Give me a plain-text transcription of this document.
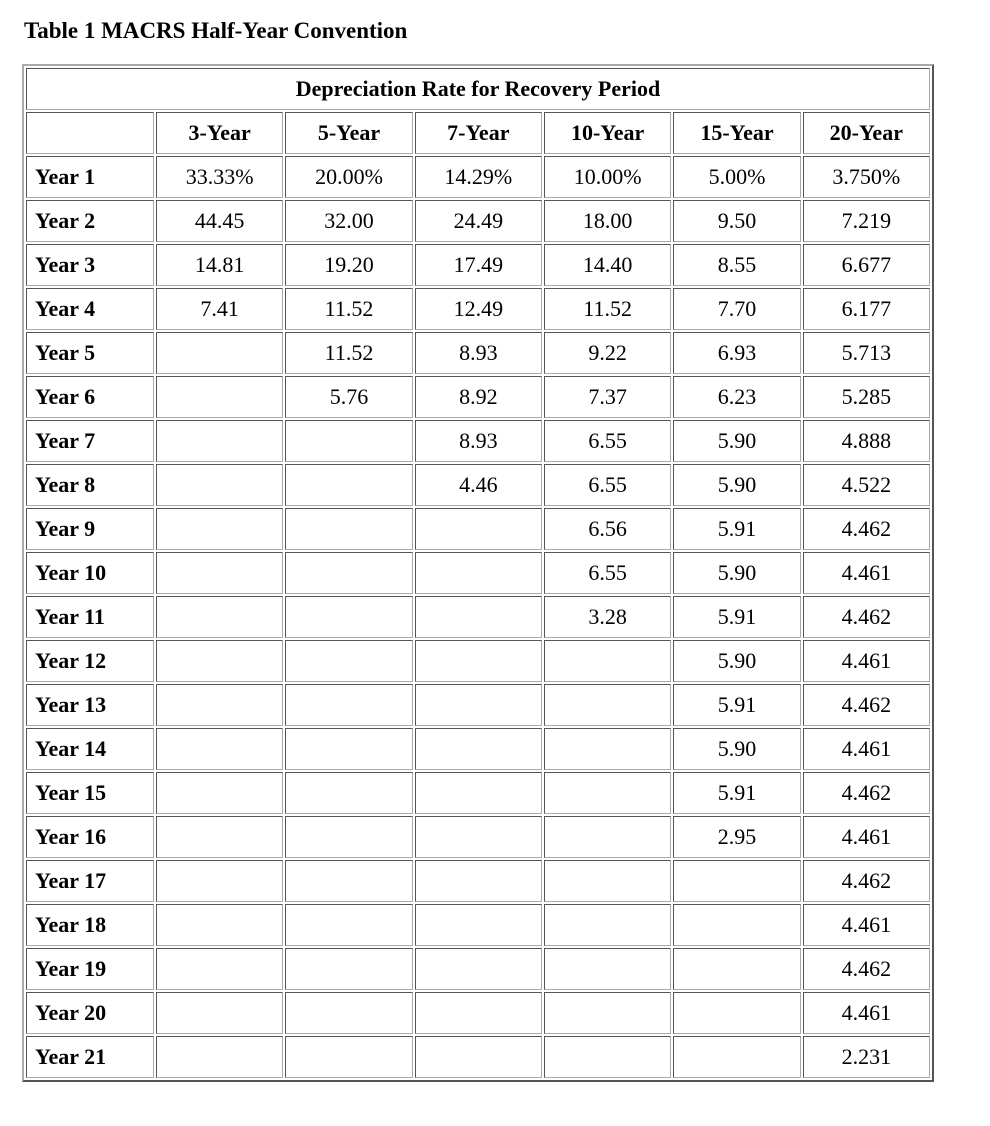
Table 1 MACRS Half-Year Convention
Depreciation Rate for Recovery Period						
	3-Year	5-Year	7-Year	10-Year	15-Year	20-Year
Year 1	33.33%	20.00%	14.29%	10.00%	5.00%	3.750%
Year 2	44.45	32.00	24.49	18.00	9.50	7.219
Year 3	14.81	19.20	17.49	14.40	8.55	6.677
Year 4	7.41	11.52	12.49	11.52	7.70	6.177
Year 5		11.52	8.93	9.22	6.93	5.713
Year 6		5.76	8.92	7.37	6.23	5.285
Year 7			8.93	6.55	5.90	4.888
Year 8			4.46	6.55	5.90	4.522
Year 9				6.56	5.91	4.462
Year 10				6.55	5.90	4.461
Year 11				3.28	5.91	4.462
Year 12					5.90	4.461
Year 13					5.91	4.462
Year 14					5.90	4.461
Year 15					5.91	4.462
Year 16					2.95	4.461
Year 17						4.462
Year 18						4.461
Year 19						4.462
Year 20						4.461
Year 21						2.231
